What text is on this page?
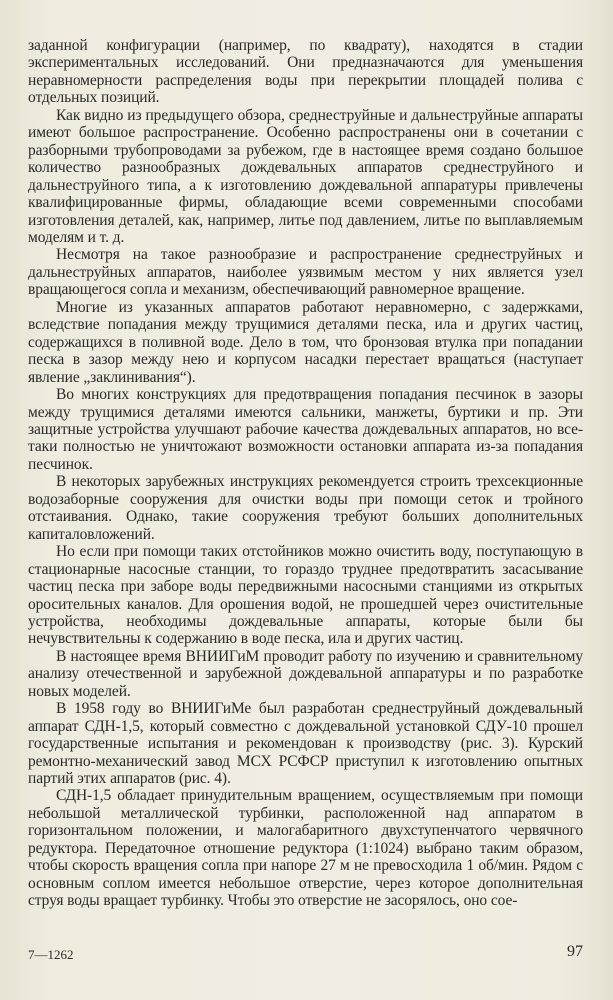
заданной конфигурации (например, по квадрату), находятся в стадии экспериментальных исследований. Они предназначаются для уменьшения неравномерности распределения воды при перекрытии площадей полива с отдельных позиций.

Как видно из предыдущего обзора, среднеструйные и дальнеструйные аппараты имеют большое распространение. Особенно распространены они в сочетании с разборными трубопроводами за рубежом, где в настоящее время создано большое количество разнообразных дождевальных аппаратов среднеструйного и дальнеструйного типа, а к изготовлению дождевальной аппаратуры привлечены квалифицированные фирмы, обладающие всеми современными способами изготовления деталей, как, например, литье под давлением, литье по выплавляемым моделям и т. д.

Несмотря на такое разнообразие и распространение среднеструйных и дальнеструйных аппаратов, наиболее уязвимым местом у них является узел вращающегося сопла и механизм, обеспечивающий равномерное вращение.

Многие из указанных аппаратов работают неравномерно, с задержками, вследствие попадания между трущимися деталями песка, ила и других частиц, содержащихся в поливной воде. Дело в том, что бронзовая втулка при попадании песка в зазор между нею и корпусом насадки перестает вращаться (наступает явление „заклинивания“).

Во многих конструкциях для предотвращения попадания песчинок в зазоры между трущимися деталями имеются сальники, манжеты, буртики и пр. Эти защитные устройства улучшают рабочие качества дождевальных аппаратов, но все-таки полностью не уничтожают возможности остановки аппарата из-за попадания песчинок.

В некоторых зарубежных инструкциях рекомендуется строить трехсекционные водозаборные сооружения для очистки воды при помощи сеток и тройного отстаивания. Однако, такие сооружения требуют больших дополнительных капиталовложений.

Но если при помощи таких отстойников можно очистить воду, поступающую в стационарные насосные станции, то гораздо труднее предотвратить засасывание частиц песка при заборе воды передвижными насосными станциями из открытых оросительных каналов. Для орошения водой, не прошедшей через очистительные устройства, необходимы дождевальные аппараты, которые были бы нечувствительны к содержанию в воде песка, ила и других частиц.

В настоящее время ВНИИГиМ проводит работу по изучению и сравнительному анализу отечественной и зарубежной дождевальной аппаратуры и по разработке новых моделей.

В 1958 году во ВНИИГиМе был разработан среднеструйный дождевальный аппарат СДН-1,5, который совместно с дождевальной установкой СДУ-10 прошел государственные испытания и рекомендован к производству (рис. 3). Курский ремонтно-механический завод МСХ РСФСР приступил к изготовлению опытных партий этих аппаратов (рис. 4).

СДН-1,5 обладает принудительным вращением, осуществляемым при помощи небольшой металлической турбинки, расположенной над аппаратом в горизонтальном положении, и малогабаритного двухступенчатого червячного редуктора. Передаточное отношение редуктора (1:1024) выбрано таким образом, чтобы скорость вращения сопла при напоре 27 м не превосходила 1 об/мин. Рядом с основным соплом имеется небольшое отверстие, через которое дополнительная струя воды вращает турбинку. Чтобы это отверстие не засорялось, оно сое-

7—1262	97
